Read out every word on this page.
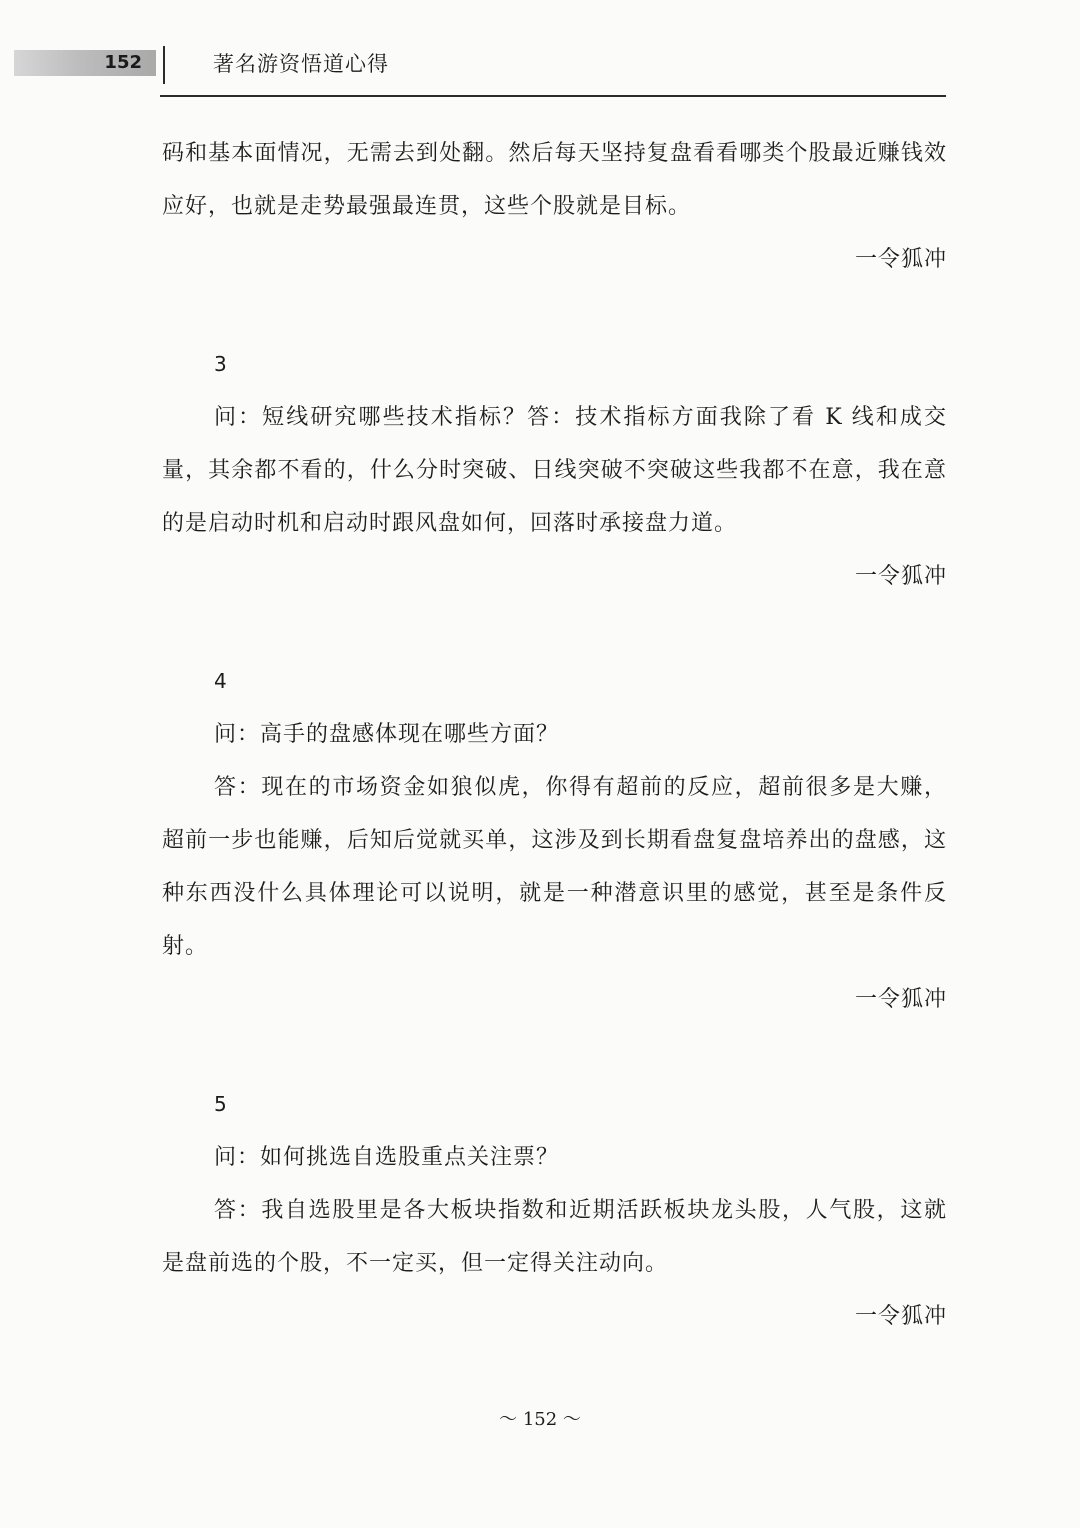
152	著名游资悟道心得

码和基本面情况，无需去到处翻。然后每天坚持复盘看看哪类个股最近赚钱效应好，也就是走势最强最连贯，这些个股就是目标。

一令狐冲
3

问：短线研究哪些技术指标？答：技术指标方面我除了看 K 线和成交量，其余都不看的，什么分时突破、日线突破不突破这些我都不在意，我在意的是启动时机和启动时跟风盘如何，回落时承接盘力道。

一令狐冲
4

问：高手的盘感体现在哪些方面？

答：现在的市场资金如狼似虎，你得有超前的反应，超前很多是大赚，超前一步也能赚，后知后觉就买单，这涉及到长期看盘复盘培养出的盘感，这种东西没什么具体理论可以说明，就是一种潜意识里的感觉，甚至是条件反射。

一令狐冲
5

问：如何挑选自选股重点关注票？

答：我自选股里是各大板块指数和近期活跃板块龙头股，人气股，这就是盘前选的个股，不一定买，但一定得关注动向。

一令狐冲
～ 152 ～
